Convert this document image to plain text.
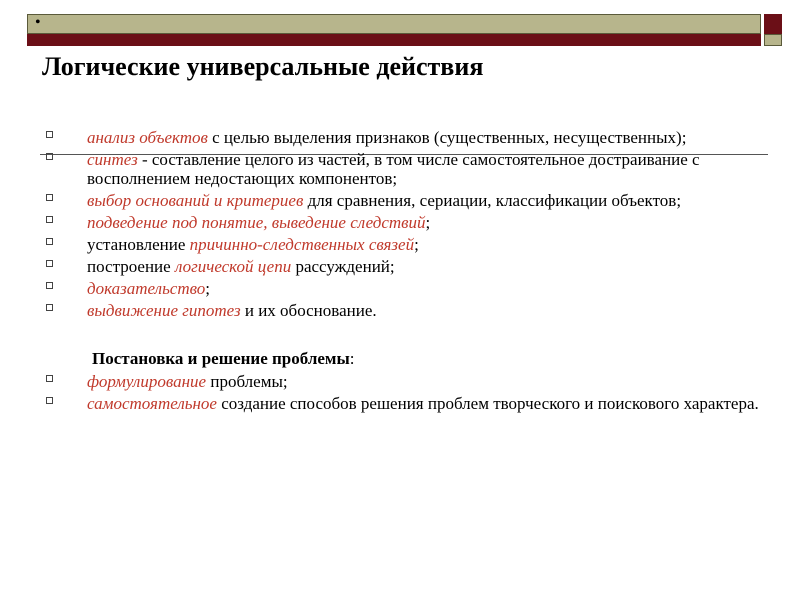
•
Логические универсальные действия
анализ объектов с целью выделения признаков (существенных, несущественных);
синтез - составление целого из частей, в том числе самостоятельное достраивание с восполнением недостающих компонентов;
выбор оснований и критериев для сравнения, сериации, классификации объектов;
подведение под понятие, выведение следствий;
установление причинно-следственных связей;
построение логической цепи рассуждений;
доказательство;
выдвижение гипотез и их обоснование.
Постановка и решение проблемы:
формулирование проблемы;
самостоятельное создание способов решения проблем творческого и поискового характера.
